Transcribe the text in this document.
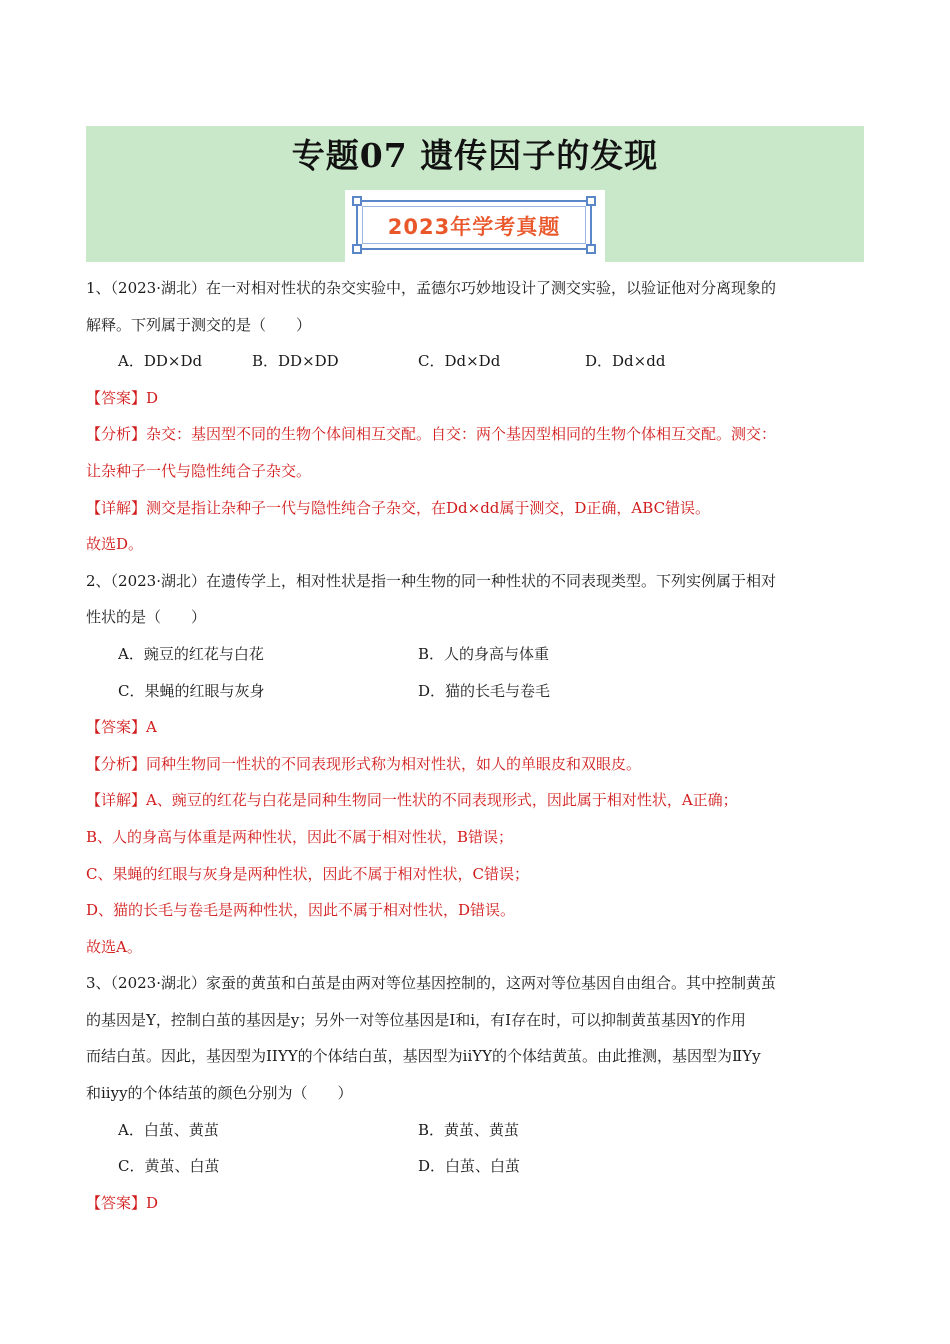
专题07 遗传因子的发现
2023年学考真题
1、（2023·湖北）在一对相对性状的杂交实验中，孟德尔巧妙地设计了测交实验，以验证他对分离现象的
解释。下列属于测交的是（　　）
A．DD×Dd	B．DD×DD	C．Dd×Dd	D．Dd×dd
【答案】D
【分析】杂交：基因型不同的生物个体间相互交配。自交：两个基因型相同的生物个体相互交配。测交：
让杂种子一代与隐性纯合子杂交。
【详解】测交是指让杂种子一代与隐性纯合子杂交，在Dd×dd属于测交，D正确，ABC错误。
故选D。
2、（2023·湖北）在遗传学上，相对性状是指一种生物的同一种性状的不同表现类型。下列实例属于相对
性状的是（　　）
A．豌豆的红花与白花	B．人的身高与体重
C．果蝇的红眼与灰身	D．猫的长毛与卷毛
【答案】A
【分析】同种生物同一性状的不同表现形式称为相对性状，如人的单眼皮和双眼皮。
【详解】A、豌豆的红花与白花是同种生物同一性状的不同表现形式，因此属于相对性状，A正确；
B、人的身高与体重是两种性状，因此不属于相对性状，B错误；
C、果蝇的红眼与灰身是两种性状，因此不属于相对性状，C错误；
D、猫的长毛与卷毛是两种性状，因此不属于相对性状，D错误。
故选A。
3、（2023·湖北）家蚕的黄茧和白茧是由两对等位基因控制的，这两对等位基因自由组合。其中控制黄茧
的基因是Y，控制白茧的基因是y；另外一对等位基因是Ⅰ和i，有Ⅰ存在时，可以抑制黄茧基因Y的作用
而结白茧。因此，基因型为IIYY的个体结白茧，基因型为iiYY的个体结黄茧。由此推测，基因型为ⅡYy
和iiyy的个体结茧的颜色分别为（　　）
A．白茧、黄茧	B．黄茧、黄茧
C．黄茧、白茧	D．白茧、白茧
【答案】D
